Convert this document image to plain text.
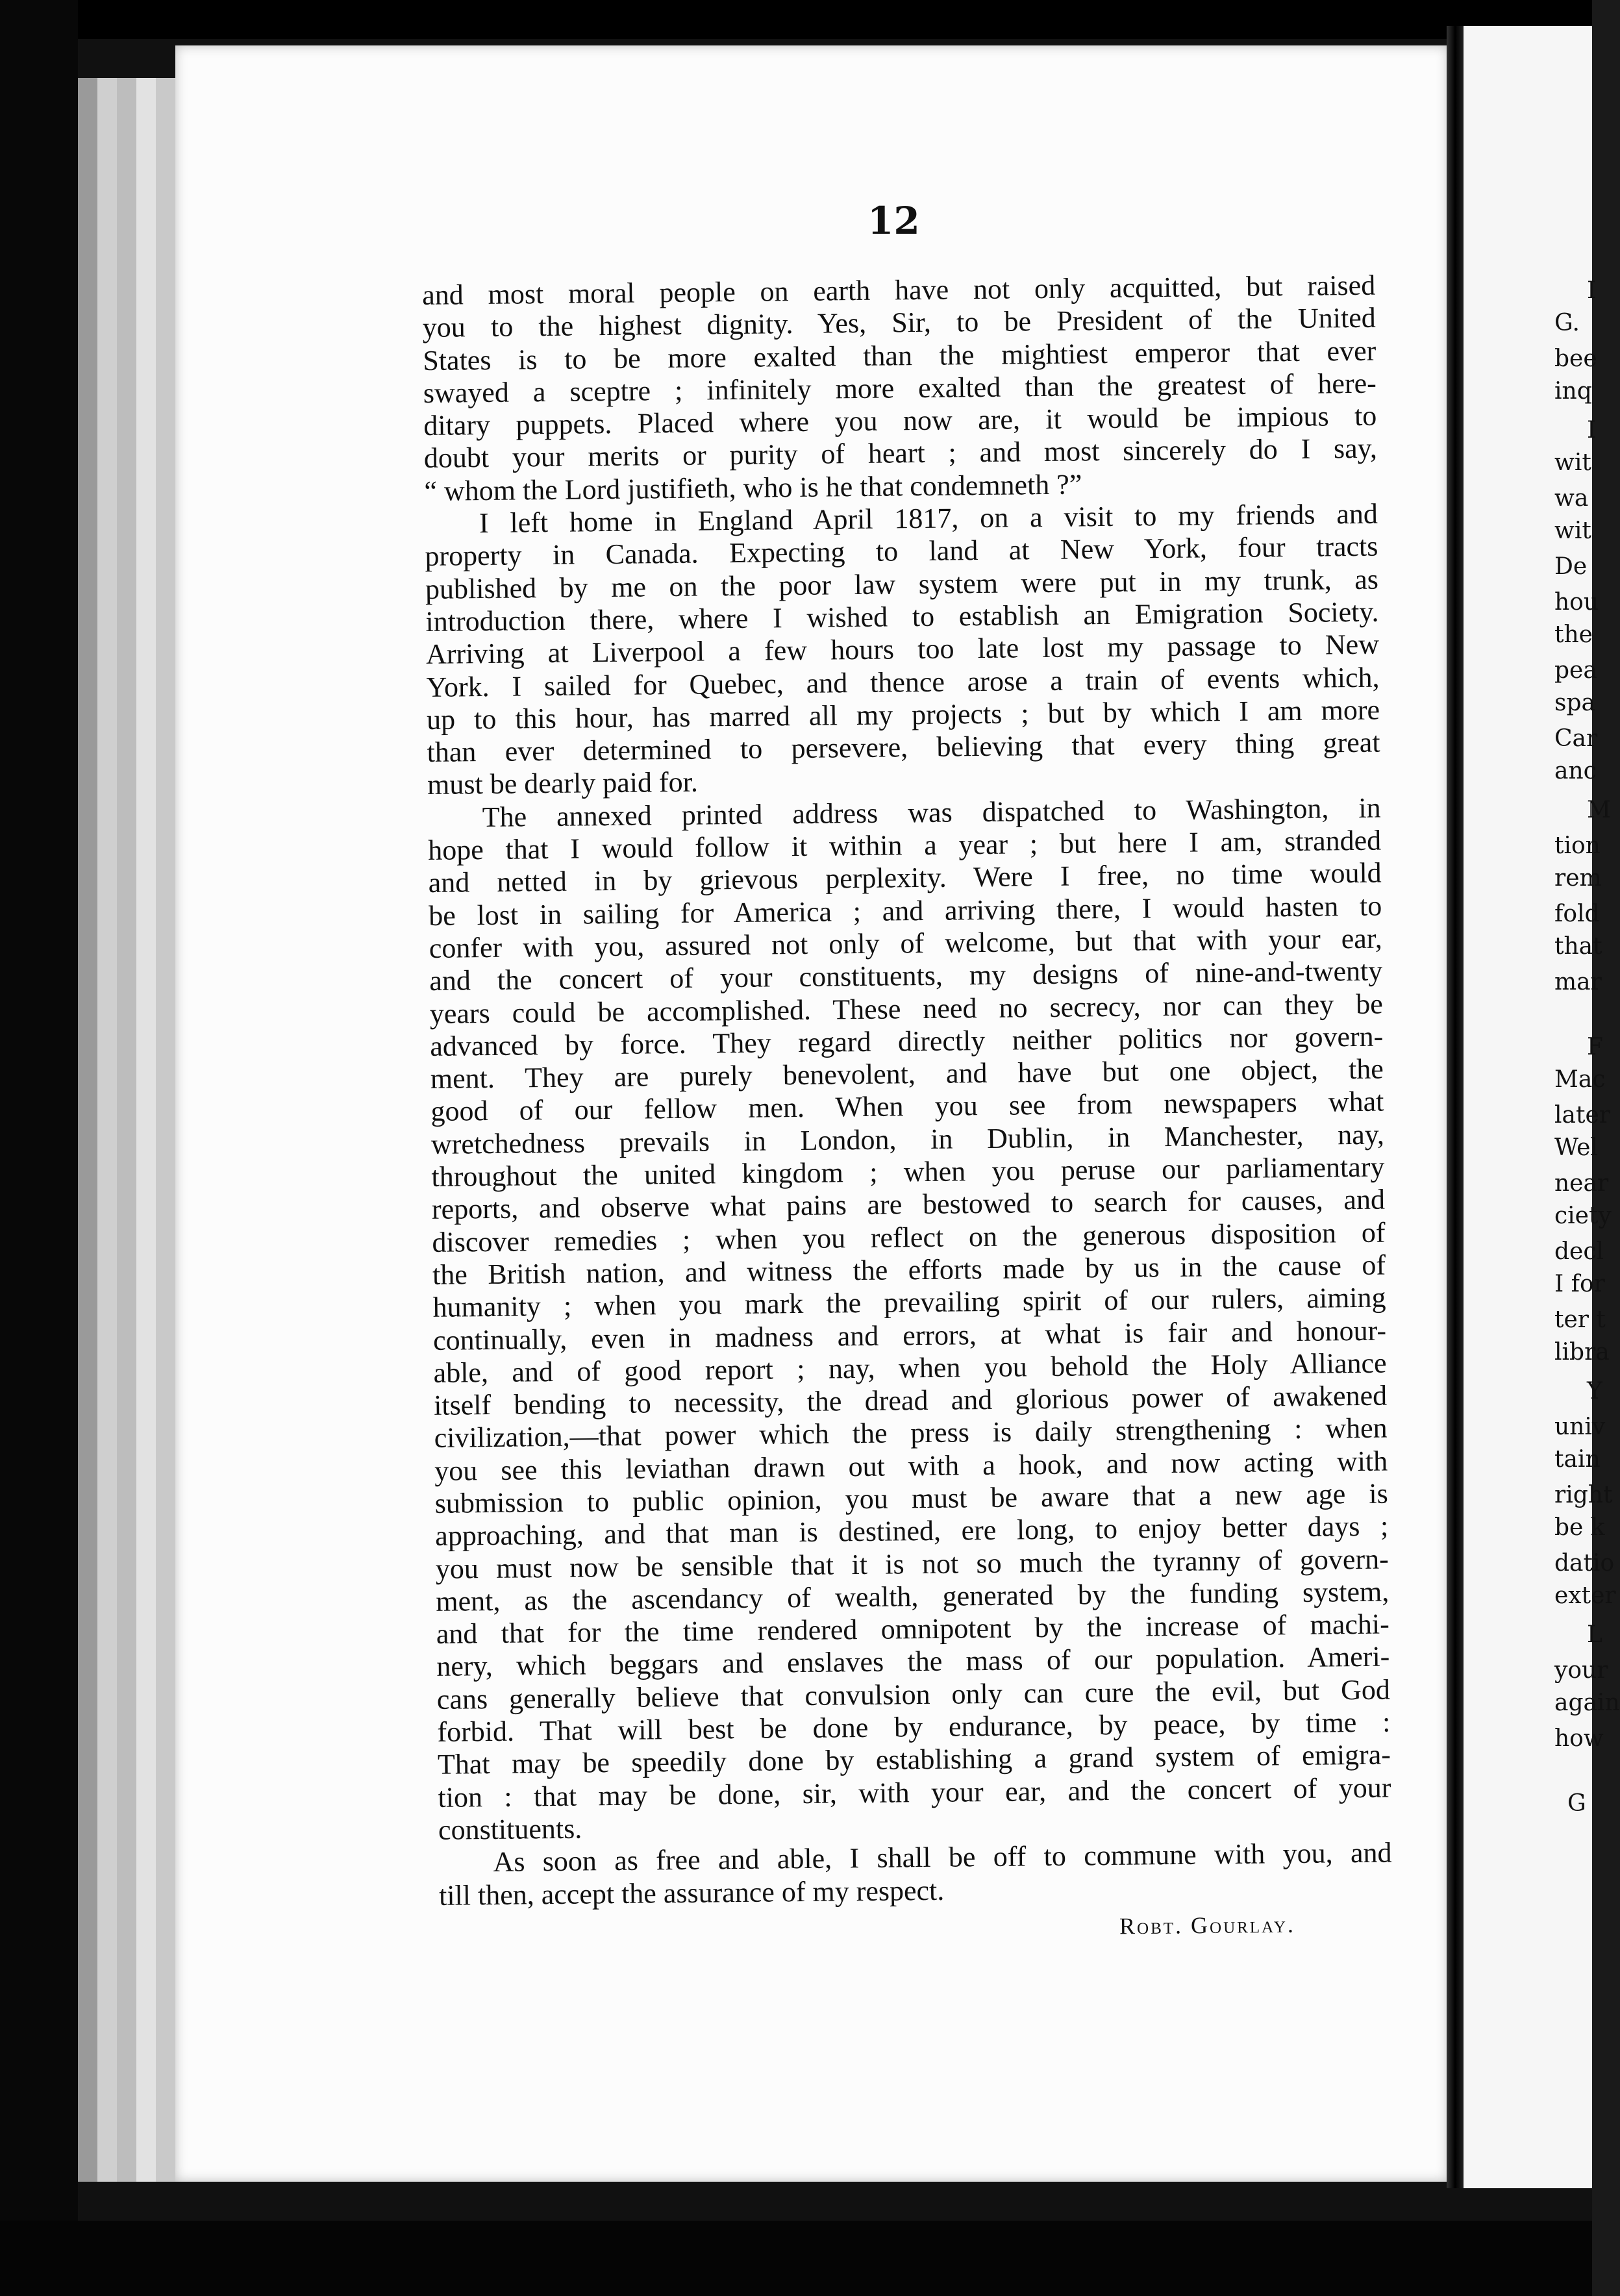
12
and most moral people on earth have not only acquitted, but raised
you to the highest dignity. Yes, Sir, to be President of the United
States is to be more exalted than the mightiest emperor that ever
swayed a sceptre ; infinitely more exalted than the greatest of here-
ditary puppets. Placed where you now are, it would be impious to
doubt your merits or purity of heart ; and most sincerely do I say,
“ whom the Lord justifieth, who is he that condemneth ?”
I left home in England April 1817, on a visit to my friends and
property in Canada. Expecting to land at New York, four tracts
published by me on the poor law system were put in my trunk, as
introduction there, where I wished to establish an Emigration Society.
Arriving at Liverpool a few hours too late lost my passage to New
York. I sailed for Quebec, and thence arose a train of events which,
up to this hour, has marred all my projects ; but by which I am more
than ever determined to persevere, believing that every thing great
must be dearly paid for.
The annexed printed address was dispatched to Washington, in
hope that I would follow it within a year ; but here I am, stranded
and netted in by grievous perplexity. Were I free, no time would
be lost in sailing for America ; and arriving there, I would hasten to
confer with you, assured not only of welcome, but that with your ear,
and the concert of your constituents, my designs of nine-and-twenty
years could be accomplished. These need no secrecy, nor can they be
advanced by force. They regard directly neither politics nor govern-
ment. They are purely benevolent, and have but one object, the
good of our fellow men. When you see from newspapers what
wretchedness prevails in London, in Dublin, in Manchester, nay,
throughout the united kingdom ; when you peruse our parliamentary
reports, and observe what pains are bestowed to search for causes, and
discover remedies ; when you reflect on the generous disposition of
the British nation, and witness the efforts made by us in the cause of
humanity ; when you mark the prevailing spirit of our rulers, aiming
continually, even in madness and errors, at what is fair and honour-
able, and of good report ; nay, when you behold the Holy Alliance
itself bending to necessity, the dread and glorious power of awakened
civilization,—that power which the press is daily strengthening : when
you see this leviathan drawn out with a hook, and now acting with
submission to public opinion, you must be aware that a new age is
approaching, and that man is destined, ere long, to enjoy better days ;
you must now be sensible that it is not so much the tyranny of govern-
ment, as the ascendancy of wealth, generated by the funding system,
and that for the time rendered omnipotent by the increase of machi-
nery, which beggars and enslaves the mass of our population. Ameri-
cans generally believe that convulsion only can cure the evil, but God
forbid. That will best be done by endurance, by peace, by time :
That may be speedily done by establishing a grand system of emigra-
tion : that may be done, sir, with your ear, and the concert of your
constituents.
As soon as free and able, I shall be off to commune with you, and
till then, accept the assurance of my respect.
Robt. Gourlay.
I
G.
bee
inq
I
wit
wa
wit
De
hou
the
pea
spa
Car
anc
M
tion
rem
fold
that
mar
F
Mac
later
Wel
near
ciety
decl
I for
ter t
libra
Y
univ
tain
right
be k
datio
exter
L
your
again
how
G
